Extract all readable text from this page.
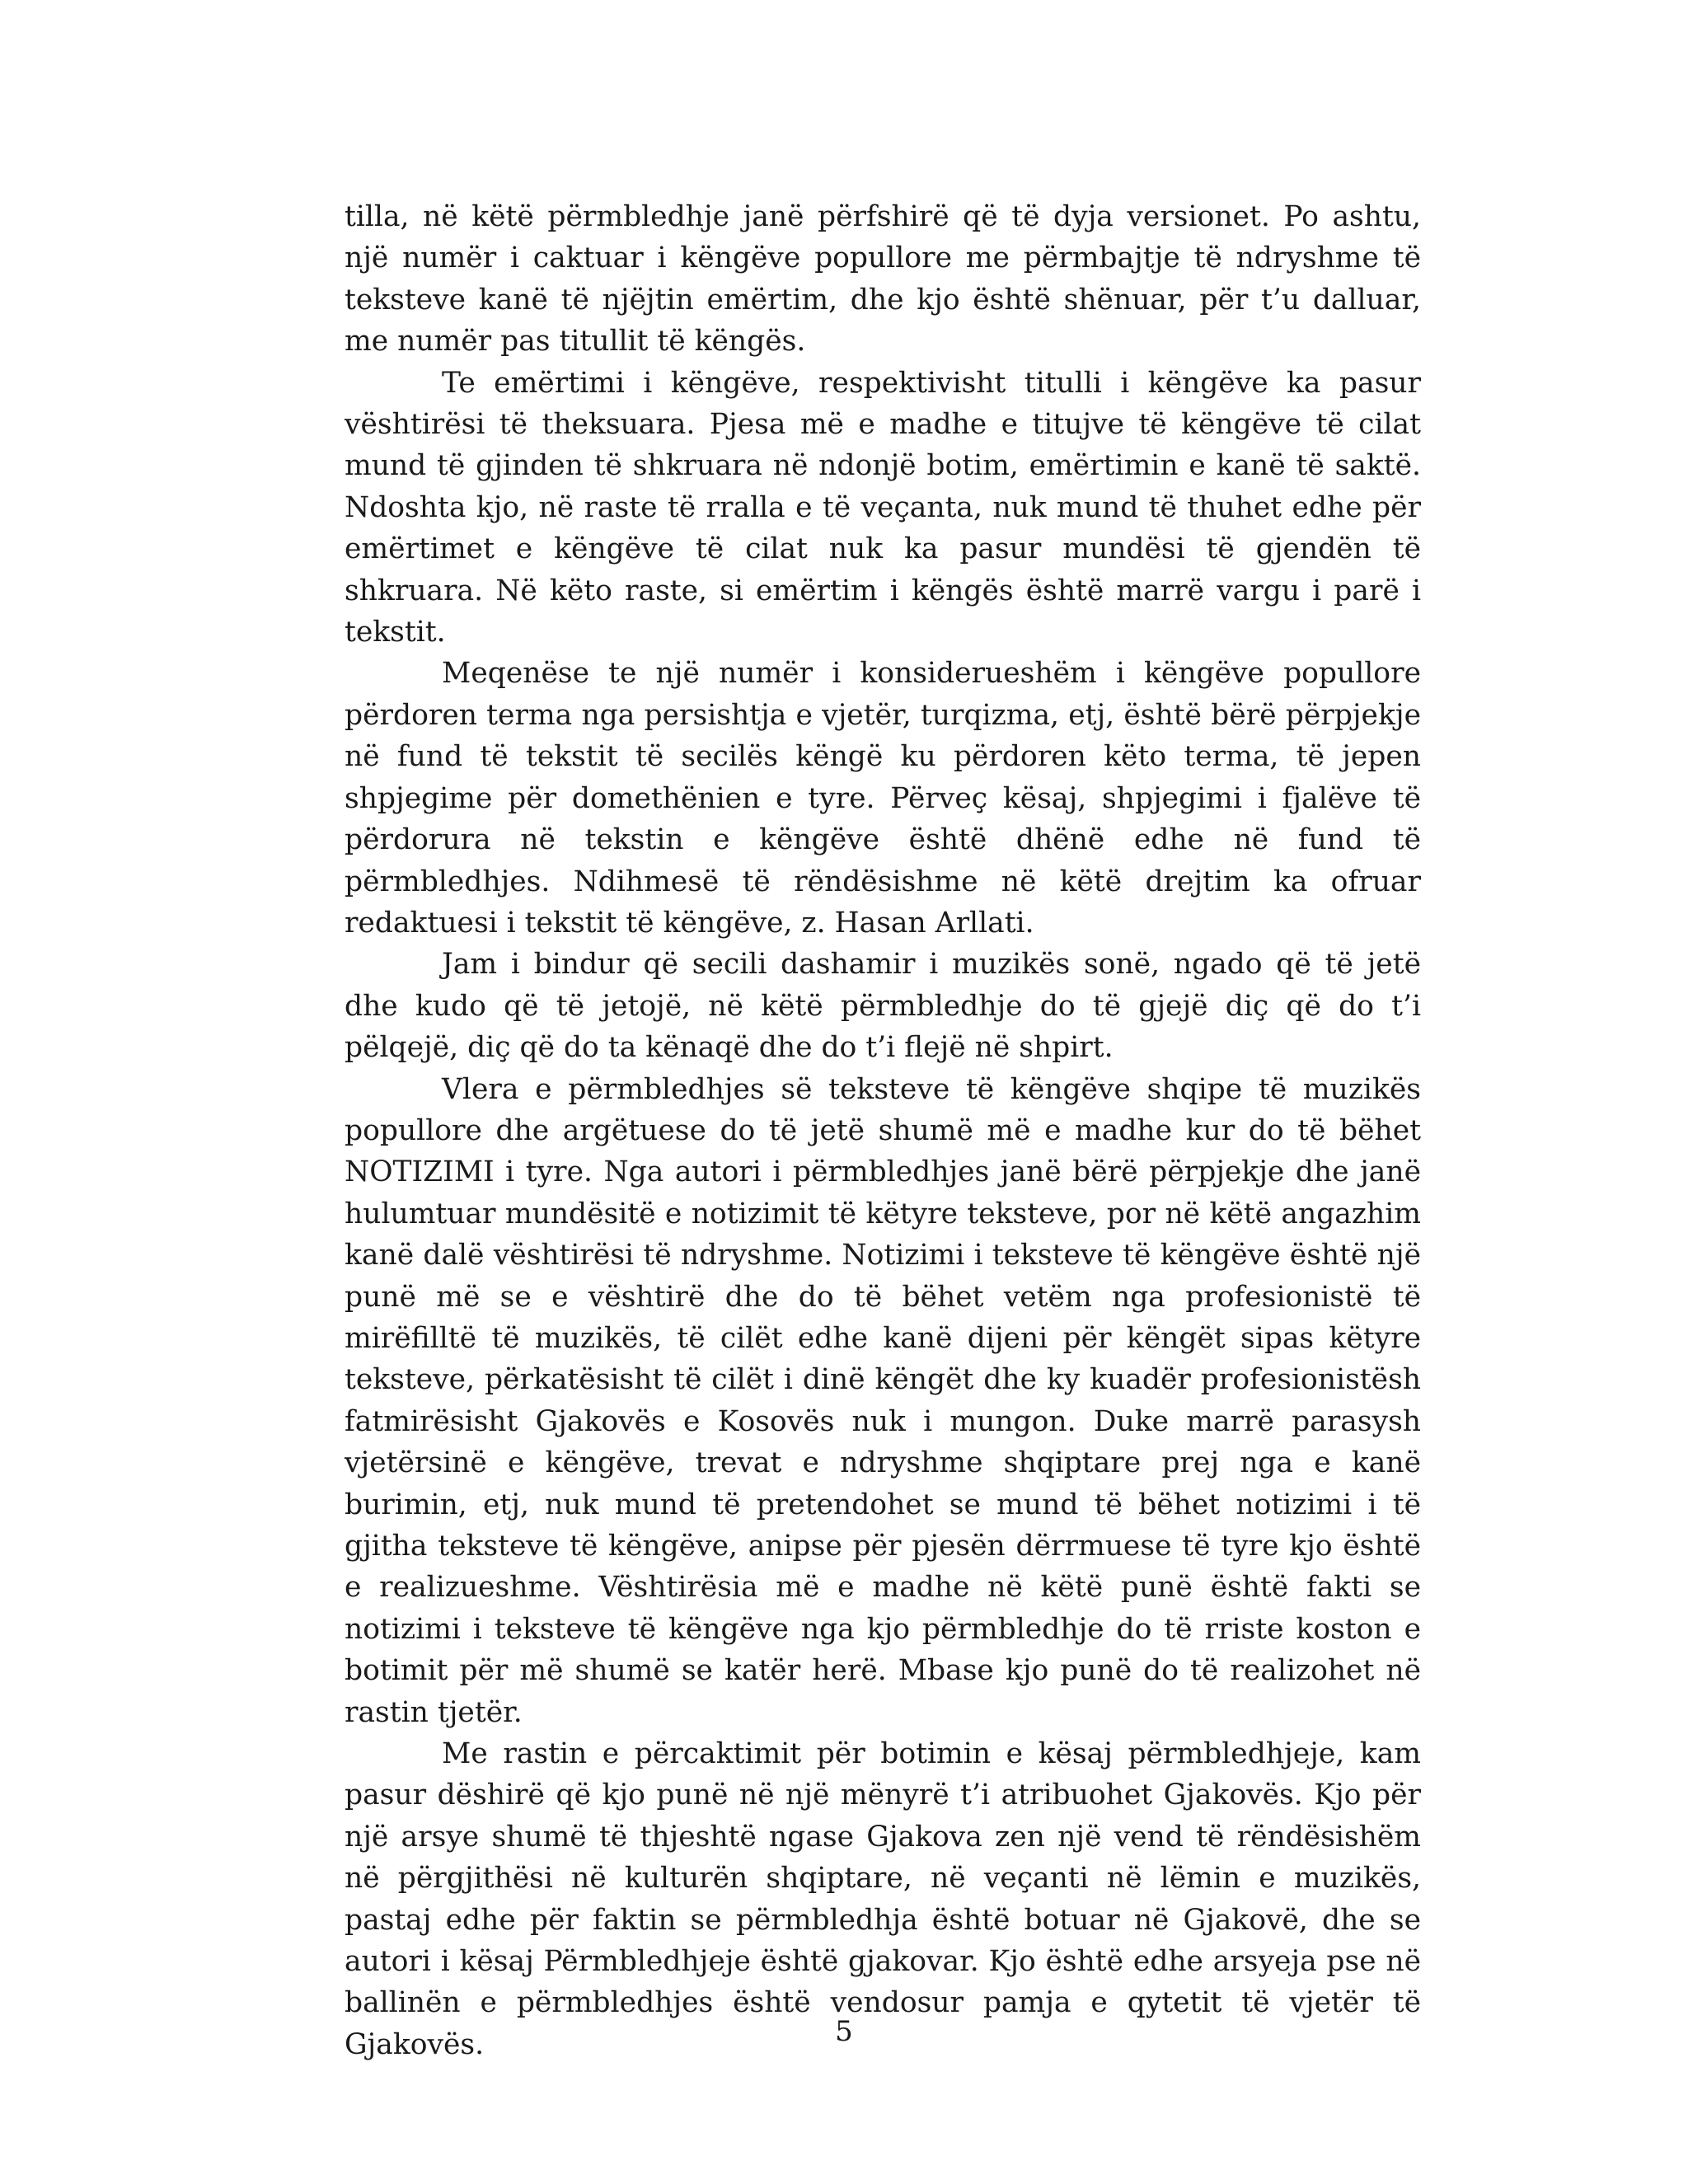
tilla, në këtë përmbledhje janë përfshirë që të dyja versionet. Po ashtu, një numër i caktuar i këngëve popullore me përmbajtje të ndryshme të teksteve kanë të njëjtin emërtim, dhe kjo është shënuar, për t’u dalluar, me numër pas titullit të këngës.

Te emërtimi i këngëve, respektivisht titulli i këngëve ka pasur vështirësi të theksuara. Pjesa më e madhe e titujve të këngëve të cilat mund të gjinden të shkruara në ndonjë botim, emërtimin e kanë të saktë. Ndoshta kjo, në raste të rralla e të veçanta, nuk mund të thuhet edhe për emërtimet e këngëve të cilat nuk ka pasur mundësi të gjendën të shkruara. Në këto raste, si emërtim i këngës është marrë vargu i parë i tekstit.

Meqenëse te një numër i konsiderueshëm i këngëve popullore përdoren terma nga persishtja e vjetër, turqizma, etj, është bërë përpjekje në fund të tekstit të secilës këngë ku përdoren këto terma, të jepen shpjegime për domethënien e tyre. Përveç kësaj, shpjegimi i fjalëve të përdorura në tekstin e këngëve është dhënë edhe në fund të përmbledhjes. Ndihmesë të rëndësishme në këtë drejtim ka ofruar redaktuesi i tekstit të këngëve, z. Hasan Arllati.

Jam i bindur që secili dashamir i muzikës sonë, ngado që të jetë dhe kudo që të jetojë, në këtë përmbledhje do të gjejë diç që do t’i pëlqejë, diç që do ta kënaqë dhe do t’i flejë në shpirt.

Vlera e përmbledhjes së teksteve të këngëve shqipe të muzikës popullore dhe argëtuese do të jetë shumë më e madhe kur do të bëhet NOTIZIMI i tyre. Nga autori i përmbledhjes janë bërë përpjekje dhe janë hulumtuar mundësitë e notizimit të këtyre teksteve, por në këtë angazhim kanë dalë vështirësi të ndryshme. Notizimi i teksteve të këngëve është një punë më se e vështirë dhe do të bëhet vetëm nga profesionistë të mirëfilltë të muzikës, të cilët edhe kanë dijeni për këngët sipas këtyre teksteve, përkatësisht të cilët i dinë këngët dhe ky kuadër profesionistësh fatmirësisht Gjakovës e Kosovës nuk i mungon. Duke marrë parasysh vjetërsinë e këngëve, trevat e ndryshme shqiptare prej nga e kanë burimin, etj, nuk mund të pretendohet se mund të bëhet notizimi i të gjitha teksteve të këngëve, anipse për pjesën dërrmuese të tyre kjo është e realizueshme. Vështirësia më e madhe në këtë punë është fakti se notizimi i teksteve të këngëve nga kjo përmbledhje do të rriste koston e botimit për më shumë se katër herë. Mbase kjo punë do të realizohet në rastin tjetër.

Me rastin e përcaktimit për botimin e kësaj përmbledhjeje, kam pasur dëshirë që kjo punë në një mënyrë t’i atribuohet Gjakovës. Kjo për një arsye shumë të thjeshtë ngase Gjakova zen një vend të rëndësishëm në përgjithësi në kulturën shqiptare, në veçanti në lëmin e muzikës, pastaj edhe për faktin se përmbledhja është botuar në Gjakovë, dhe se autori i kësaj Përmbledhjeje është gjakovar. Kjo është edhe arsyeja pse në ballinën e përmbledhjes është vendosur pamja e qytetit të vjetër të Gjakovës.	5
